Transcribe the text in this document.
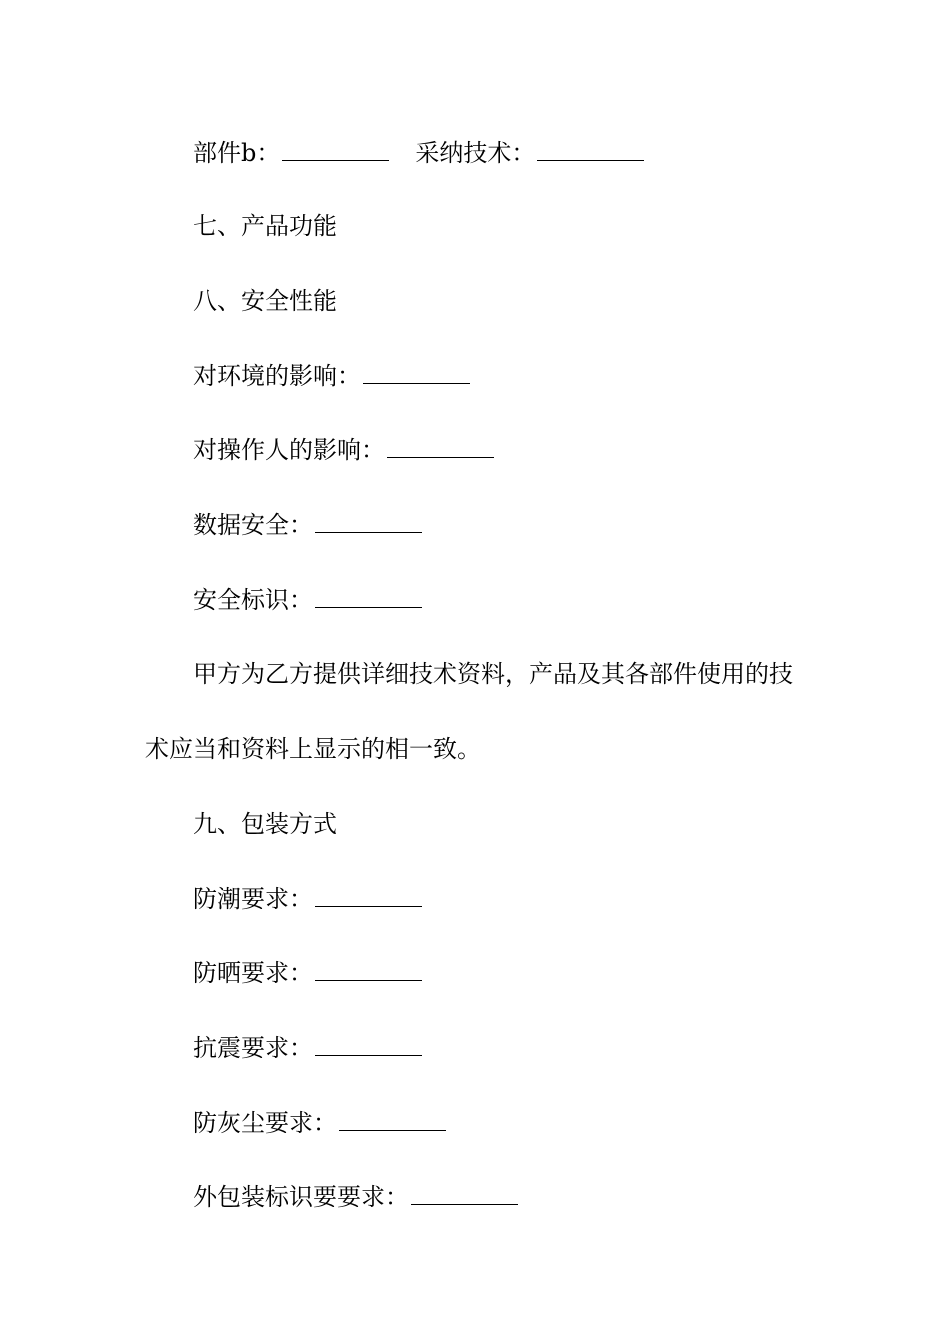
部件b：	采纳技术：
七、产品功能
八、安全性能
对环境的影响：
对操作人的影响：
数据安全：
安全标识：
甲方为乙方提供详细技术资料，产品及其各部件使用的技
术应当和资料上显示的相一致。
九、包装方式
防潮要求：
防晒要求：
抗震要求：
防灰尘要求：
外包装标识要要求：
